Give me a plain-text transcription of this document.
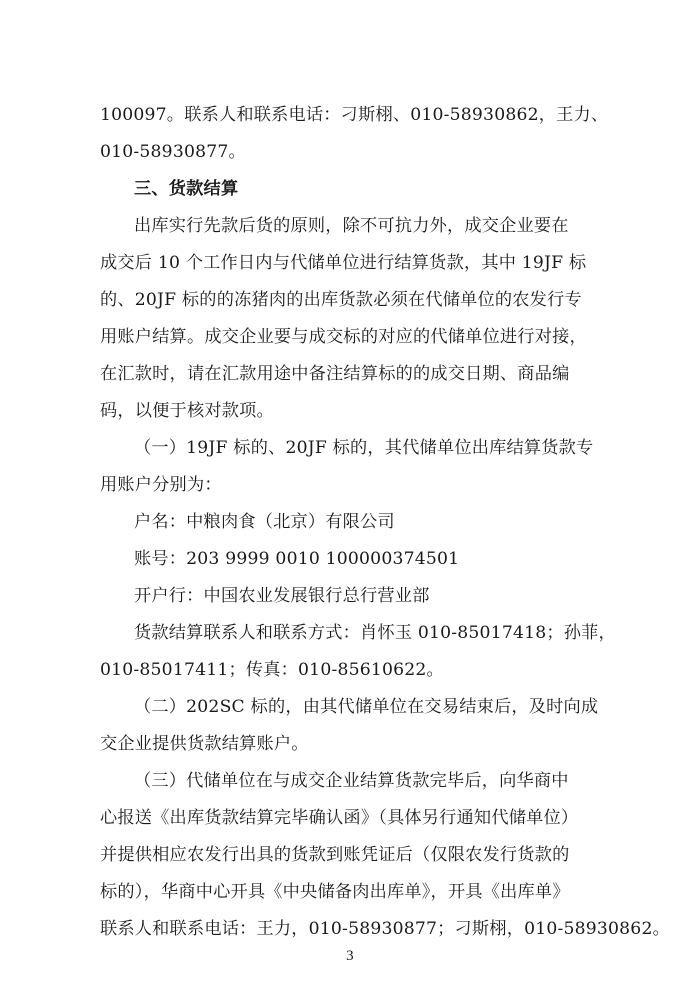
100097。联系人和联系电话：刁斯栩、010-58930862，王力、
010-58930877。
三、货款结算
出库实行先款后货的原则，除不可抗力外，成交企业要在
成交后 10 个工作日内与代储单位进行结算货款，其中 19JF 标
的、20JF 标的的冻猪肉的出库货款必须在代储单位的农发行专
用账户结算。成交企业要与成交标的对应的代储单位进行对接，
在汇款时，请在汇款用途中备注结算标的的成交日期、商品编
码，以便于核对款项。
（一）19JF 标的、20JF 标的，其代储单位出库结算货款专
用账户分别为：
户名：中粮肉食（北京）有限公司
账号：203 9999 0010 100000374501
开户行：中国农业发展银行总行营业部
货款结算联系人和联系方式：肖怀玉 010-85017418；孙菲，
010-85017411；传真：010-85610622。
（二）202SC 标的，由其代储单位在交易结束后，及时向成
交企业提供货款结算账户。
（三）代储单位在与成交企业结算货款完毕后，向华商中
心报送《出库货款结算完毕确认函》（具体另行通知代储单位）
并提供相应农发行出具的货款到账凭证后（仅限农发行货款的
标的），华商中心开具《中央储备肉出库单》，开具《出库单》
联系人和联系电话：王力，010-58930877；刁斯栩，010-58930862。
3
